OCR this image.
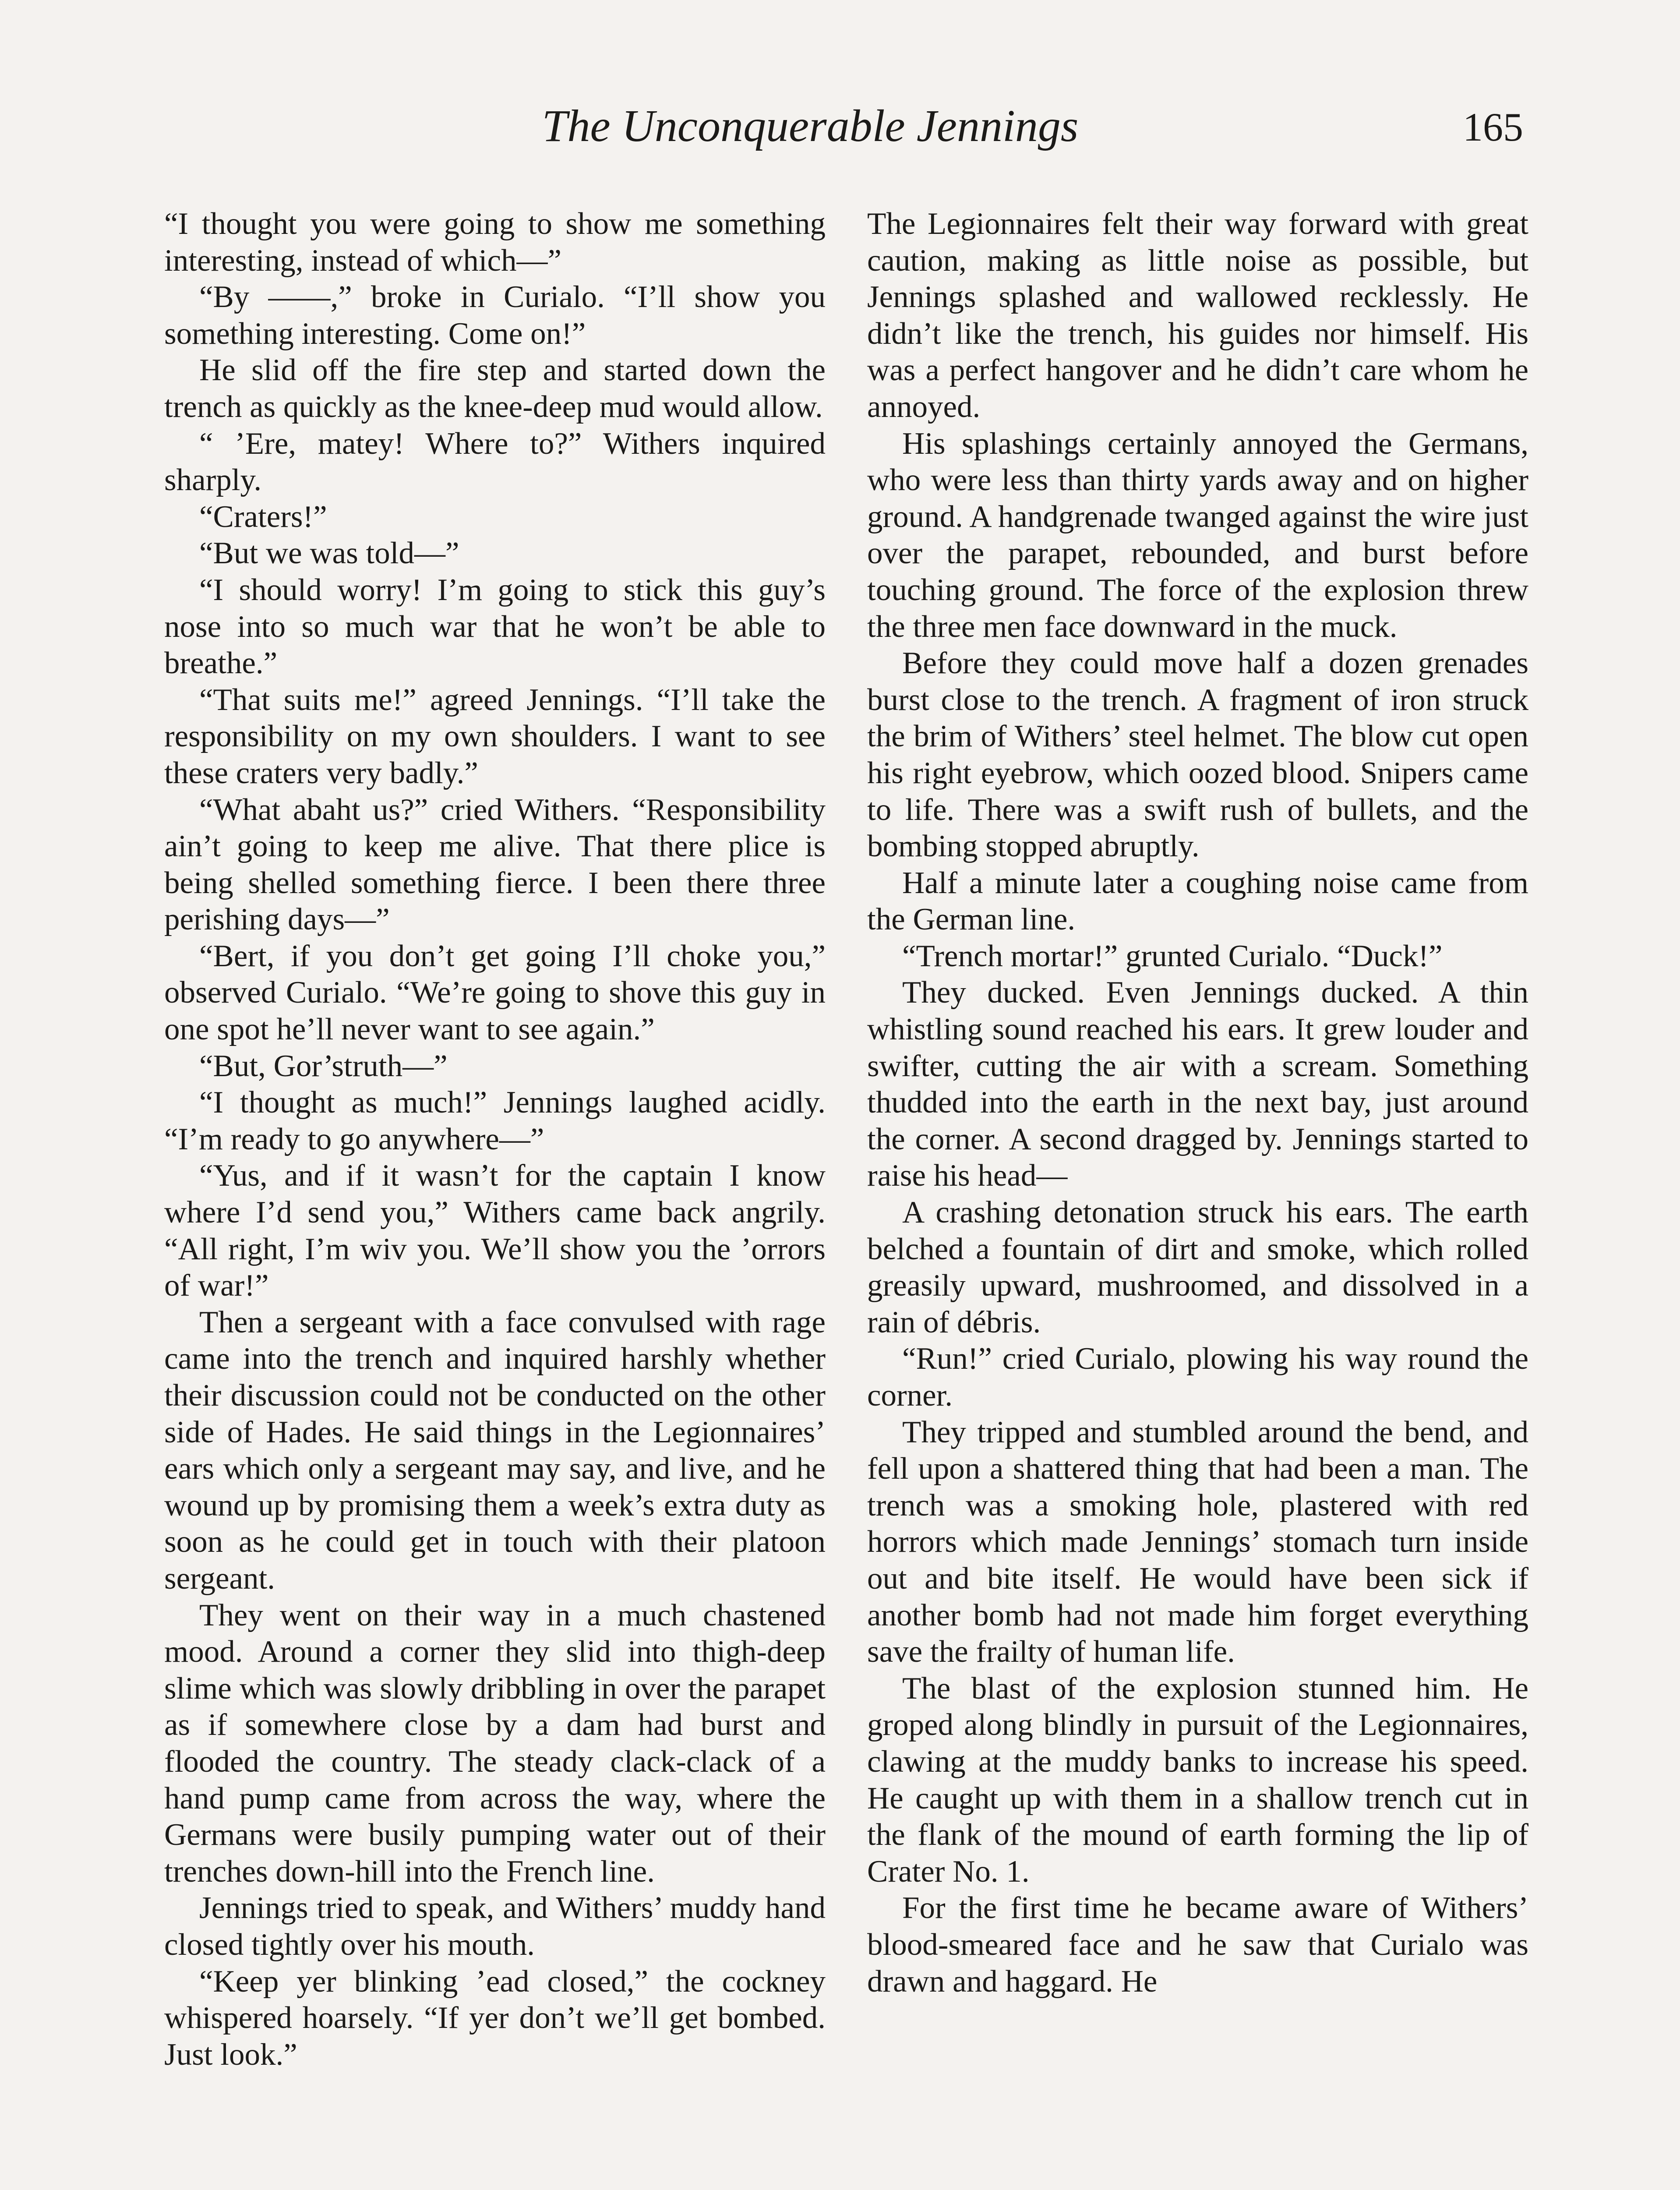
The Unconquerable Jennings	165

“I thought you were going to show me something interesting, instead of which—”

“By ——,” broke in Curialo. “I’ll show you something interesting. Come on!”

He slid off the fire step and started down the trench as quickly as the knee-deep mud would allow.

“ ’Ere, matey! Where to?” Withers inquired sharply.

“Craters!”

“But we was told—”

“I should worry! I’m going to stick this guy’s nose into so much war that he won’t be able to breathe.”

“That suits me!” agreed Jennings. “I’ll take the responsibility on my own shoulders. I want to see these craters very badly.”

“What abaht us?” cried Withers. “Responsibility ain’t going to keep me alive. That there plice is being shelled something fierce. I been there three perishing days—”

“Bert, if you don’t get going I’ll choke you,” observed Curialo. “We’re going to shove this guy in one spot he’ll never want to see again.”

“But, Gor’struth—”

“I thought as much!” Jennings laughed acidly. “I’m ready to go anywhere—”

“Yus, and if it wasn’t for the captain I know where I’d send you,” Withers came back angrily. “All right, I’m wiv you. We’ll show you the ’orrors of war!”

Then a sergeant with a face convulsed with rage came into the trench and inquired harshly whether their discussion could not be conducted on the other side of Hades. He said things in the Legionnaires’ ears which only a sergeant may say, and live, and he wound up by promising them a week’s extra duty as soon as he could get in touch with their platoon sergeant.

They went on their way in a much chastened mood. Around a corner they slid into thigh-deep slime which was slowly dribbling in over the parapet as if somewhere close by a dam had burst and flooded the country. The steady clack-clack of a hand pump came from across the way, where the Germans were busily pumping water out of their trenches down-hill into the French line.

Jennings tried to speak, and Withers’ muddy hand closed tightly over his mouth.

“Keep yer blinking ’ead closed,” the cockney whispered hoarsely. “If yer don’t we’ll get bombed. Just look.”

The Legionnaires felt their way forward with great caution, making as little noise as possible, but Jennings splashed and wallowed recklessly. He didn’t like the trench, his guides nor himself. His was a perfect hangover and he didn’t care whom he annoyed.

His splashings certainly annoyed the Germans, who were less than thirty yards away and on higher ground. A handgrenade twanged against the wire just over the parapet, rebounded, and burst before touching ground. The force of the explosion threw the three men face downward in the muck.

Before they could move half a dozen grenades burst close to the trench. A fragment of iron struck the brim of Withers’ steel helmet. The blow cut open his right eyebrow, which oozed blood. Snipers came to life. There was a swift rush of bullets, and the bombing stopped abruptly.

Half a minute later a coughing noise came from the German line.

“Trench mortar!” grunted Curialo. “Duck!”

They ducked. Even Jennings ducked. A thin whistling sound reached his ears. It grew louder and swifter, cutting the air with a scream. Something thudded into the earth in the next bay, just around the corner. A second dragged by. Jennings started to raise his head—

A crashing detonation struck his ears. The earth belched a fountain of dirt and smoke, which rolled greasily upward, mushroomed, and dissolved in a rain of débris.

“Run!” cried Curialo, plowing his way round the corner.

They tripped and stumbled around the bend, and fell upon a shattered thing that had been a man. The trench was a smoking hole, plastered with red horrors which made Jennings’ stomach turn inside out and bite itself. He would have been sick if another bomb had not made him forget everything save the frailty of human life.

The blast of the explosion stunned him. He groped along blindly in pursuit of the Legionnaires, clawing at the muddy banks to increase his speed. He caught up with them in a shallow trench cut in the flank of the mound of earth forming the lip of Crater No. 1.

For the first time he became aware of Withers’ blood-smeared face and he saw that Curialo was drawn and haggard. He
